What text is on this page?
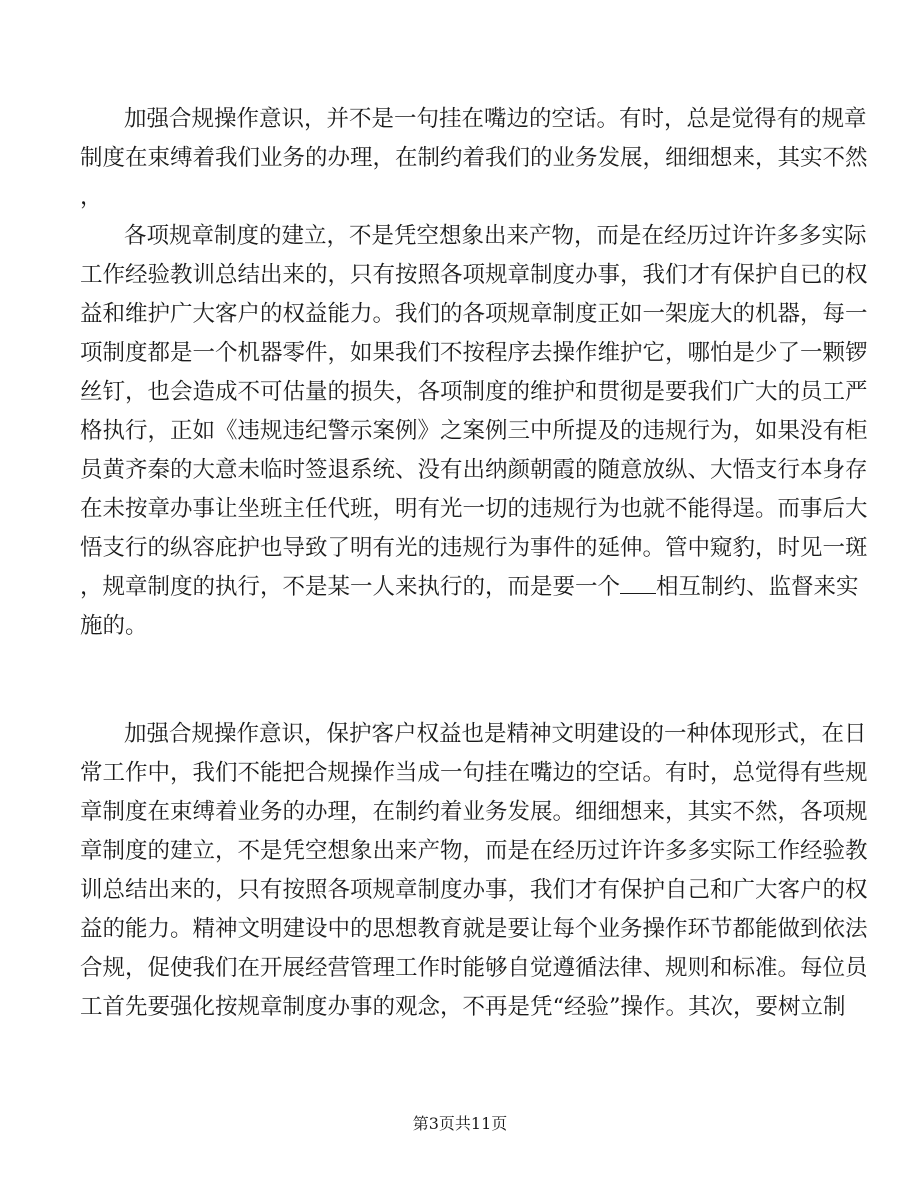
加强合规操作意识，并不是一句挂在嘴边的空话。有时，总是觉得有的规章
制度在束缚着我们业务的办理，在制约着我们的业务发展，细细想来，其实不然
，
各项规章制度的建立，不是凭空想象出来产物，而是在经历过许许多多实际
工作经验教训总结出来的，只有按照各项规章制度办事，我们才有保护自已的权
益和维护广大客户的权益能力。我们的各项规章制度正如一架庞大的机器，每一
项制度都是一个机器零件，如果我们不按程序去操作维护它，哪怕是少了一颗锣
丝钉，也会造成不可估量的损失，各项制度的维护和贯彻是要我们广大的员工严
格执行，正如《违规违纪警示案例》之案例三中所提及的违规行为，如果没有柜
员黄齐秦的大意未临时签退系统、没有出纳颜朝霞的随意放纵、大悟支行本身存
在未按章办事让坐班主任代班，明有光一切的违规行为也就不能得逞。而事后大
悟支行的纵容庇护也导致了明有光的违规行为事件的延伸。管中窥豹，时见一斑
，规章制度的执行，不是某一人来执行的，而是要一个 相互制约、监督来实
施的。
加强合规操作意识，保护客户权益也是精神文明建设的一种体现形式，在日
常工作中，我们不能把合规操作当成一句挂在嘴边的空话。有时，总觉得有些规
章制度在束缚着业务的办理，在制约着业务发展。细细想来，其实不然，各项规
章制度的建立，不是凭空想象出来产物，而是在经历过许许多多实际工作经验教
训总结出来的，只有按照各项规章制度办事，我们才有保护自己和广大客户的权
益的能力。精神文明建设中的思想教育就是要让每个业务操作环节都能做到依法
合规，促使我们在开展经营管理工作时能够自觉遵循法律、规则和标准。每位员
工首先要强化按规章制度办事的观念，不再是凭“经验”操作。其次，要树立制
第3页共11页
